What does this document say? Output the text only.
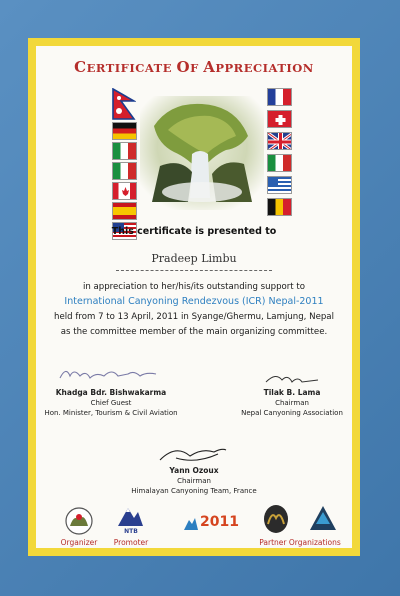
CERTIFICATE OF APPRECIATION
This certificate is presented to
Pradeep Limbu
in appreciation to her/his/its outstanding support to
International Canyoning Rendezvous (ICR) Nepal-2011
held from 7 to 13 April, 2011 in Syange/Ghermu, Lamjung, Nepal
as the committee member of the main organizing committee.
Khadga Bdr. Bishwakarma
Chief Guest
Hon. Minister, Tourism & Civil Aviation
Tilak B. Lama
Chairman
Nepal Canyoning Association
Yann Ozoux
Chairman
Himalayan Canyoning Team, France
Organizer
NTB
Promoter
2011
Partner Organizations
